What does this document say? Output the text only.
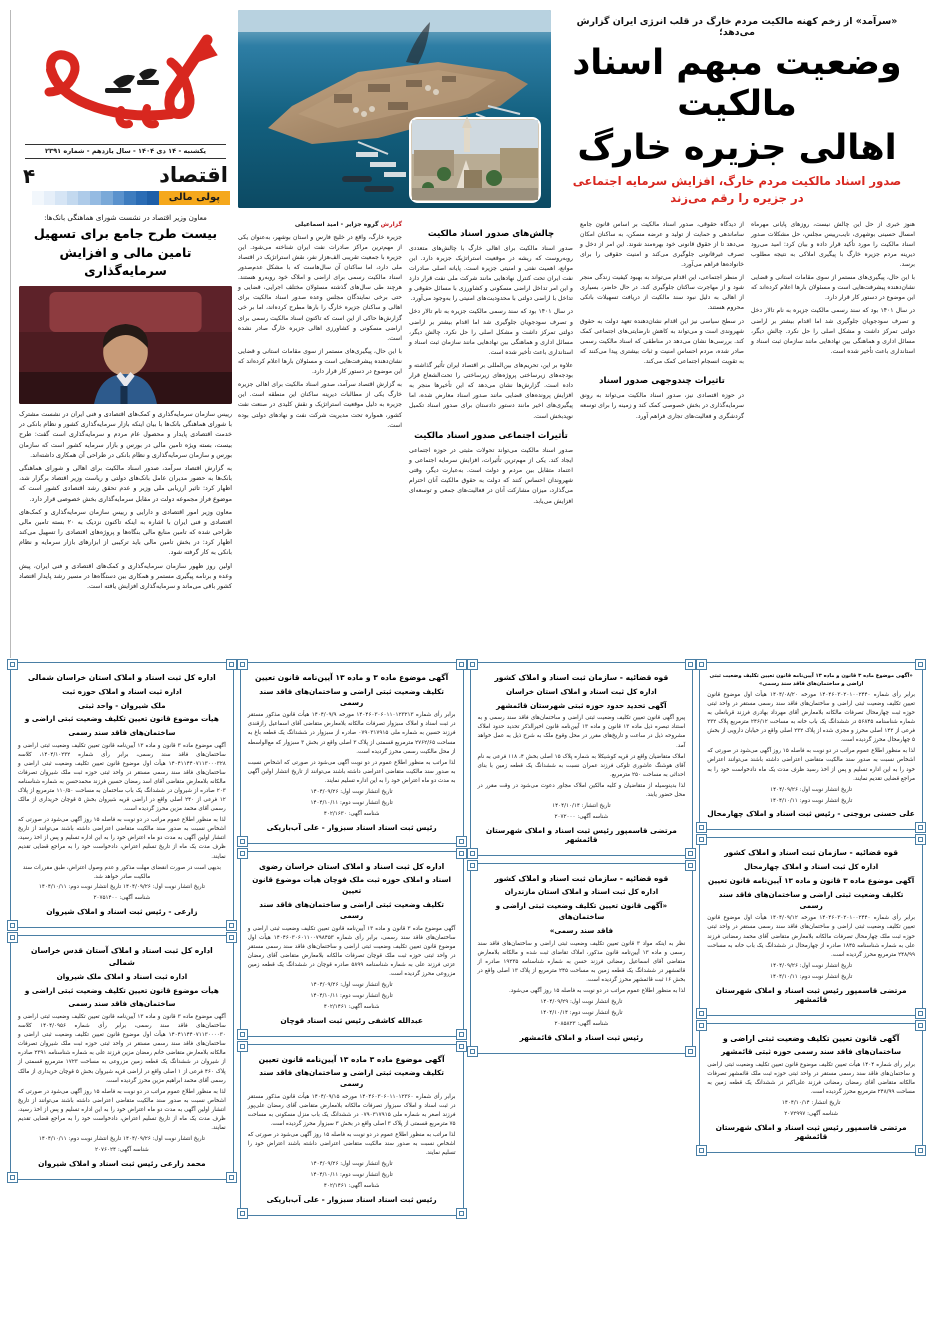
یکشنبه - ۱۴ دی ۱۴۰۴ - سال یازدهم - شماره ۲۳۹۱
اقتصاد
۴
پولی مالی
معاون وزیر اقتصاد در نشست شورای هماهنگی بانک‌ها:
بیست طرح جامع برای تسهیل تامین مالی و افزایش سرمایه‌گذاری

رییس سازمان سرمایه‌گذاری و کمک‌های اقتصادی و فنی ایران در نشست مشترک با شورای هماهنگی بانک‌ها با بیان اینکه بازار سرمایه‌گذاری کشور و نظام بانکی در خدمت اقتصادی پایدار و محصول عام مردم و سرمایه‌گذاری است گفت: طرح بیست، بسته ویژه تامین مالی در بورس و بازار سرمایه کشور است که سازمان بورس و سازمان سرمایه‌گذاری و نظام بانکی در طراحی آن همکاری داشته‌اند.

به گزارش اقتصاد سرآمد، صدور اسناد مالکیت برای اهالی و شورای هماهنگی بانک‌ها به حضور مدیران عامل بانک‌های دولتی و ریاست وزیر اقتصاد برگزار شد، اظهار کرد: تاثیر ارزیابی ملی وزیر و عدم تحقق رشد اقتصادی کشور است که موضوع فراز مجموعه دولت در مقابل سرمایه‌گذاری بخش خصوصی قرار دارد.

معاون وزیر امور اقتصادی و دارایی و رییس سازمان سرمایه‌گذاری و کمک‌های اقتصادی و فنی ایران با اشاره به اینکه تاکنون نزدیک به ۲۰ بسته تامین مالی طراحی شده که تامین منابع مالی بنگاه‌ها و پروژه‌های اقتصادی را تسهیل می‌کند اظهار کرد: در بخش تامین مالی باید ترکیبی از ابزارهای بازار سرمایه و نظام بانکی به کار گرفته شود.

اولین روز ظهور سازمان سرمایه‌گذاری و کمک‌های اقتصادی و فنی ایران، پیش وعده و برنامه پیگیری مستمر و همکاری بین دستگاه‌ها در مسیر رشد پایدار اقتصاد کشور باقی می‌ماند و سرمایه‌گذاری افزایش یافته است.

«سرآمد» از زخم کهنه مالکیت مردم خارگ در قلب انرژی ایران گزارش می‌دهد؛
وضعیت مبهم اسناد مالکیت
اهالی جزیره خارگ
صدور اسناد مالکیت مردم خارگ، افزایش سرمایه اجتماعی
در جزیره را رقم می‌زند

گزارش گروه جزایر - امید اسماعیلی

جزیره خارگ، واقع در خلیج فارس و استان بوشهر، به‌عنوان یکی از مهم‌ترین مراکز صادرات نفت ایران شناخته می‌شود. این جزیره با جمعیت تقریبی الف‌هزار نفر، نقش استراتژیک در اقتصاد ملی دارد، اما ساکنان آن سال‌هاست که با مشکل عدم‌صدور اسناد مالکیت رسمی برای اراضی و املاک خود روبه‌رو هستند. هرچند طی سال‌های گذشته مسئولان مختلف اجرایی، قضایی و حتی برخی نمایندگان مجلس وعده صدور اسناد مالکیت برای اهالی و ساکنان جزیره خارگ را بارها مطرح کرده‌اند، اما بر خی گزارش‌ها حاکی از این است که تاکنون اسناد مالکیت رسمی برای اراضی مسکونی و کشاورزی اهالی جزیره خارگ صادر نشده است.

با این حال، پیگیری‌های مستمر از سوی مقامات استانی و قضایی نشان‌دهنده پیشرفت‌هایی است و مسئولان بارها اعلام کرده‌اند که این موضوع در دستور کار قرار دارد.

به گزارش اقتصاد سرآمد، صدور اسناد مالکیت برای اهالی جزیره خارگ یکی از مطالبات دیرینه ساکنان این منطقه است. این جزیره به دلیل موقعیت استراتژیک و نقش کلیدی در صنعت نفت کشور، همواره تحت مدیریت شرکت نفت و نهادهای دولتی بوده است.

چالش‌های صدور اسناد مالکیت

صدور اسناد مالکیت برای اهالی خارگ با چالش‌های متعددی روبه‌روست که ریشه در موقعیت استراتژیک جزیره دارد. این موانع، اهمیت نفتی و امنیتی جزیره است. پایانه اصلی صادرات نفت ایران تحت کنترل نهادهایی مانند شرکت ملی نفت قرار دارد و این امر تداخل اراضی مسکونی و کشاورزی با مسائل حقوقی و تداخل با اراضی دولتی با محدودیت‌های امنیتی را به‌وجود می‌آورد.

در سال ۱۴۰۱ بود که سند رسمی مالکیت جزیره به نام تالار دخل و تصرف سودجویان جلوگیری شد اما اقدام بیشتر بر اراضی دولتی تمرکز داشت و مشکل اصلی را حل نکرد. چالش دیگر، مسائل اداری و هماهنگی بین نهادهایی مانند سازمان ثبت اسناد و استانداری باعث تأخیر شده است.

علاوه بر این، تحریم‌های بین‌المللی بر اقتصاد ایران تأثیر گذاشته و بودجه‌های زیرساختی پروژه‌های زیرساختی را تحت‌الشعاع قرار داده است. گزارش‌ها نشان می‌دهد که این تأخیرها منجر به افزایش پرونده‌های قضایی مانند صدور اسناد معارض شده، اما پیگیری‌های اخیر مانند دستور دادستان برای صدور اسناد تکمیل نویدبخش است.

تأثیرات اجتماعی صدور اسناد مالکیت

صدور اسناد مالکیت می‌تواند تحولات مثبتی در حوزه اجتماعی ایجاد کند. یکی از مهم‌ترین تأثیرات، افزایش سرمایه اجتماعی و اعتماد متقابل بین مردم و دولت است. به‌عبارت دیگر، وقتی شهروندان احساس کنند که دولت به حقوق مالکیت آنان احترام می‌گذارد، میزان مشارکت آنان در فعالیت‌های جمعی و توسعه‌ای افزایش می‌یابد.

از دیدگاه حقوقی، صدور اسناد مالکیت بر اساس قانون جامع ساماندهی و حمایت از تولید و عرضه مسکن، به ساکنان امکان می‌دهد تا از حقوق قانونی خود بهره‌مند شوند. این امر از دخل و تصرف غیرقانونی جلوگیری می‌کند و امنیت حقوقی را برای خانواده‌ها فراهم می‌آورد.

از منظر اجتماعی، این اقدام می‌تواند به بهبود کیفیت زندگی منجر شود و از مهاجرت ساکنان جلوگیری کند. در حال حاضر، بسیاری از اهالی به دلیل نبود سند مالکیت از دریافت تسهیلات بانکی محروم هستند.

در سطح سیاسی نیز این اقدام نشان‌دهنده تعهد دولت به حقوق شهروندی است و می‌تواند به کاهش نارضایتی‌های اجتماعی کمک کند. بررسی‌ها نشان می‌دهد در مناطقی که اسناد مالکیت رسمی صادر شده، مردم احساس امنیت و ثبات بیشتری پیدا می‌کنند که به تقویت انسجام اجتماعی کمک می‌کند.

تاثیرات چندوجهی صدور اسناد

در حوزه اقتصادی نیز، صدور اسناد مالکیت می‌تواند به رونق سرمایه‌گذاری در بخش خصوصی کمک کند و زمینه را برای توسعه گردشگری و فعالیت‌های تجاری فراهم آورد.

هنوز خبری از حل این چالش نیست، روزهای پایانی مهرماه امسال حسینی بوشهری، نایب‌رییس مجلس، حل مشکلات صدور اسناد مالکیت را مورد تأکید قرار داده و بیان کرد: امید می‌رود دیرینه مردم جزیره خارگ با پیگیری املاکی به نتیجه مطلوب برسد.

با این حال، پیگیری‌های مستمر از سوی مقامات استانی و قضایی نشان‌دهنده پیشرفت‌هایی است و مسئولان بارها اعلام کرده‌اند که این موضوع در دستور کار قرار دارد.

در سال ۱۴۰۱ بود که سند رسمی مالکیت جزیره به نام تالار دخل و تصرف سودجویان جلوگیری شد اما اقدام بیشتر بر اراضی دولتی تمرکز داشت و مشکل اصلی را حل نکرد. چالش دیگر، مسائل اداری و هماهنگی بین نهادهایی مانند سازمان ثبت اسناد و استانداری باعث تأخیر شده است.

اداره کل ثبت اسناد و املاک استان خراسان شمالی
اداره ثبت اسناد و املاک حوزه ثبت
ملک شیروان - واحد ثبتی
هیأت موضوع قانون تعیین تکلیف وضعیت ثبتی اراضی و
ساختمان‌های فاقد سند رسمی

آگهی موضوع ماده ۳ قانون و ماده ۱۳ آیین‌نامه قانون تعیین تکلیف وضعیت ثبتی اراضی و ساختمان‌های فاقد سند رسمی، برابر رأی شماره ۱۴۰۴/۱۰۲۳۲، کلاسه ۱۴۰۴۱۱۴۴۰۷۱۱۳۰۰۰۳۲۸ هیأت اول موضوع قانون تعیین تکلیف وضعیت ثبتی اراضی و ساختمان‌های فاقد سند رسمی مستقر در واحد ثبتی حوزه ثبت ملک شیروان تصرفات مالکانه بلامعارض متقاضی آقای اسد رمضان حسین فرزند محمدحسن به شماره شناسنامه ۲۰۳ صادره از شیروان در ششدانگ یک باب ساختمان به مساحت ۱۱۰/۵۰ مترمربع از پلاک ۱۲ فرعی از ۲۴۰ اصلی واقع در اراضی قریه شیروان بخش ۵ قوچان خریداری از مالک رسمی آقای محمد مزین محرز گردیده است.

لذا به منظور اطلاع عموم مراتب در دو نوبت به فاصله ۱۵ روز آگهی می‌شود در صورتی که اشخاص نسبت به صدور سند مالکیت متقاضی اعتراضی داشته باشند می‌توانند از تاریخ انتشار اولین آگهی به مدت دو ماه اعتراض خود را به این اداره تسلیم و پس از اخذ رسید، ظرف مدت یک ماه از تاریخ تسلیم اعتراض، دادخواست خود را به مراجع قضایی تقدیم نمایند.

بدیهی است در صورت انقضای مهلت مذکور و عدم وصول اعتراض، طبق مقررات سند مالکیت صادر خواهد شد.
تاریخ انتشار نوبت اول: ۱۴۰۴/۰۹/۲۶ تاریخ انتشار نوبت دوم: ۱۴۰۴/۱۰/۱۱
شناسه آگهی: ۲۰۷۵۱۴۰۰
زارعی - رئیس ثبت اسناد و املاک شیروان
اداره کل ثبت اسناد و املاک آستان قدس خراسان شمالی
اداره ثبت اسناد و املاک ملک شیروان
هیأت موضوع قانون تعیین تکلیف وضعیت ثبتی اراضی و
ساختمان‌های فاقد سند رسمی

آگهی موضوع ماده ۳ قانون و ماده ۱۳ آیین‌نامه قانون تعیین تکلیف وضعیت ثبتی اراضی و ساختمان‌های فاقد سند رسمی، برابر رأی شماره ۱۴۰۴/۰۹۵۶ کلاسه ۱۴۰۴۱۱۴۴۰۷۱۱۳۰۰۰۰۳۰ هیأت اول موضوع قانون تعیین تکلیف وضعیت ثبتی اراضی و ساختمان‌های فاقد سند رسمی مستقر در واحد ثبتی حوزه ثبت ملک شیروان تصرفات مالکانه بلامعارض متقاضی خانم رمضان مزین فرزند علی به شماره شناسنامه ۲۳۹۱ صادره از شیروان در ششدانگ یک قطعه زمین مزروعی به مساحت ۱۷۲۳ مترمربع قسمتی از پلاک ۴۶۰ فرعی از ۱ اصلی واقع در اراضی قریه شیروان بخش ۵ قوچان خریداری از مالک رسمی آقای محمد ابراهیم مزین محرز گردیده است.

لذا به منظور اطلاع عموم مراتب در دو نوبت به فاصله ۱۵ روز آگهی می‌شود در صورتی که اشخاص نسبت به صدور سند مالکیت متقاضی اعتراضی داشته باشند می‌توانند از تاریخ انتشار اولین آگهی به مدت دو ماه اعتراض خود را به این اداره تسلیم و پس از اخذ رسید، ظرف مدت یک ماه از تاریخ تسلیم اعتراض، دادخواست خود را به مراجع قضایی تقدیم نمایند.

تاریخ انتشار نوبت اول: ۱۴۰۴/۰۹/۲۶ تاریخ انتشار نوبت دوم: ۱۴۰۴/۱۰/۱۱
شناسه آگهی: ۲۰۷۶۰۲۴
محمد زارعی رئیس ثبت اسناد و املاک شیروان
آگهی موضوع ماده ۳ و ماده ۱۳ آیین‌نامه قانون تعیین
تکلیف وضعیت ثبتی اراضی و ساختمان‌های فاقد سند رسمی

برابر رأی شماره ۱۴۰۴۶۰۳۰۶۰۱۱۰۱۲۳۲۱۳ مورخه ۱۴۰۴/۰۹/۹ هیأت قانون مذکور مستقر در ثبت اسناد و املاک سبزوار تصرفات مالکانه بلامعارض متقاضی آقای اسماعیل رازقندی فرزند حسین به شماره ملی ۰۷۹۰۳۱۷۹۱۵ صادره از سبزوار در ششدانگ یک قطعه باغ به مساحت ۲۷۶۲/۶۵ مترمربع قسمتی از پلاک ۳ اصلی واقع در بخش ۳ سبزوار که مع‌الواسطه از محل مالکیت رسمی محرز گردیده است.

لذا مراتب به منظور اطلاع عموم در دو نوبت آگهی می‌شود در صورتی که اشخاص نسبت به صدور سند مالکیت متقاضی اعتراضی داشته باشند می‌توانند از تاریخ انتشار اولین آگهی به مدت دو ماه اعتراض خود را به این اداره تسلیم نمایند.

تاریخ انتشار نوبت اول: ۱۴۰۴/۰۹/۲۶
تاریخ انتشار نوبت دوم: ۱۴۰۴/۱۰/۱۱
شناسه آگهی: ۴۰۲/۱۶۳۰
رئیس ثبت اسناد اسناد سبزوار - علی آب‌باریکی
اداره کل ثبت اسناد و املاک استان خراسان رضوی
اسناد و املاک حوزه ثبت ملک فوچان هیأت موضوع قانون تعیین
تکلیف وضعیت ثبتی اراضی و ساختمان‌های فاقد سند رسمی

آگهی موضوع ماده ۳ قانون و ماده ۱۳ آیین‌نامه قانون تعیین تکلیف وضعیت ثبتی اراضی و ساختمان‌های فاقد سند رسمی، برابر رأی شماره ۱۴۰۴۶۰۳۰۶۰۱۱۰۰۷۹۸۴۵۳ هیأت اول موضوع قانون تعیین تکلیف وضعیت ثبتی اراضی و ساختمان‌های فاقد سند رسمی مستقر در واحد ثبتی حوزه ثبت ملک قوچان تصرفات مالکانه بلامعارض متقاضی آقای رمضان عزتی فرزند علی به شماره شناسنامه ۵۸۹۹ صادره قوچان در ششدانگ یک قطعه زمین مزروعی محرز گردیده است.

تاریخ انتشار نوبت اول: ۱۴۰۴/۰۹/۲۶
تاریخ انتشار نوبت دوم: ۱۴۰۴/۱۰/۱۱
شناسه آگهی: ۴۰۲/۱۴۶۱
عبدالله کاشفی رئیس ثبت اسناد قوچان
آگهی موضوع ماده ۳ ماده ۱۳ آیین‌نامه قانون تعیین
تکلیف وضعیت ثبتی اراضی و ساختمان‌های فاقد سند رسمی

برابر رأی شماره ۱۴۰۴۶۰۳۰۶۰۱۱۰۱۲۳۶۰ مورخه ۱۴۰۴/۰۹/۱۵ هیأت قانون مذکور مستقر در ثبت اسناد و املاک سبزوار تصرفات مالکانه بلامعارض متقاضی آقای رمضان علی‌پور فرزند اصغر به شماره ملی ۰۷۹۰۳۱۷۹۱۵ در ششدانگ یک باب منزل مسکونی به مساحت ۷۵ مترمربع قسمتی از پلاک ۳ اصلی واقع در بخش ۳ سبزوار محرز گردیده است.

لذا مراتب به منظور اطلاع عموم در دو نوبت به فاصله ۱۵ روز آگهی می‌شود در صورتی که اشخاص نسبت به صدور سند مالکیت متقاضی اعتراضی داشته باشند اعتراض خود را تسلیم نمایند.

تاریخ انتشار نوبت اول: ۱۴۰۴/۰۹/۲۶
تاریخ انتشار نوبت دوم: ۱۴۰۴/۱۰/۱۱
شناسه آگهی: ۴۰۲/۱۴۶۱
رئیس ثبت اسناد اسناد سبزوار - علی آب‌باریکی
قوه قضائیه - سازمان ثبت اسناد و املاک کشور
اداره کل ثبت اسناد و املاک استان خراسان
آگهی تحدید حدود حوزه ثبتی شهرستان قائمشهر

پیرو آگهی قانون تعیین تکلیف وضعیت ثبتی اراضی و ساختمان‌های فاقد سند رسمی و به استناد تبصره ذیل ماده ۱۳ قانون و ماده ۱۳ آیین‌نامه قانون اخیرالذکر تحدید حدود املاک مشروحه ذیل در ساعت و تاریخ‌های مقرر در محل وقوع ملک به شرح ذیل به عمل خواهد آمد.

املاک متقاضیان واقع در قریه کوشیکلا به شماره پلاک ۱۵ اصلی بخش ۴، ۱۱۸ فرعی به نام آقای هوشنگ عاشوری تلوکی فرزند عمران نسبت به ششدانگ یک قطعه زمین با بنای احداثی به مساحت ۲۵۰ مترمربع.

لذا بدینوسیله از متقاضیان و کلیه مالکین املاک مجاور دعوت می‌شود در وقت مقرر در محل حضور یابند.

تاریخ انتشار: ۱۴۰۴/۱۰/۱۴
شناسه آگهی: ۲۰۷۲۰۰۰
مرتضی قاسمپور رئیس ثبت اسناد و املاک شهرستان قائمشهر
قوه قضائیه - سازمان ثبت اسناد و املاک کشور
اداره کل ثبت اسناد و املاک استان مازندران
«آگهی قانون تعیین تکلیف وضعیت ثبتی اراضی و ساختمان‌های
فاقد سند رسمی»

نظر به اینکه مواد ۳ قانون تعیین تکلیف وضعیت ثبتی اراضی و ساختمان‌های فاقد سند رسمی و ماده ۱۳ آیین‌نامه قانون مذکور، املاک تقاضای ثبت شده و مالکانه بلامعارض متقاضی آقای اسماعیل رمضانی فرزند حسن به شماره شناسنامه ۱۹۲۳۵ صادره از قائمشهر در ششدانگ یک قطعه زمین به مساحت ۲۴۵ مترمربع از پلاک ۱۳ اصلی واقع در بخش ۱۶ ثبت قائمشهر محرز گردیده است.

لذا به منظور اطلاع عموم مراتب در دو نوبت به فاصله ۱۵ روز آگهی می‌شود.

تاریخ انتشار نوبت اول: ۱۴۰۴/۰۹/۲۹
تاریخ انتشار نوبت دوم: ۱۴۰۴/۱۰/۱۴
شناسه آگهی: ۲۰۸۵۸۲۳
رئیس ثبت اسناد و املاک قائمشهر
«آگهی موضوع ماده ۳ قانون و ماده ۱۳ آیین‌نامه قانون تعیین تکلیف وضعیت ثبتی اراضی و ساختمان‌های فاقد سند رسمی»

برابر رأی شماره ۱۴۰۴۶۰۳۰۲۰۱۰۰۲۴۴۰ مورخه ۱۴۰۴/۰۸/۲۰ هیأت اول موضوع قانون تعیین تکلیف وضعیت ثبتی اراضی و ساختمان‌های فاقد سند رسمی مستقر در واحد ثبتی حوزه ثبت چهارمحال تصرفات مالکانه بلامعارض آقای مهرداد بهادری فرزند قربانعلی به شماره شناسنامه ۵۶۸۴۵ در ششدانگ یک باب خانه به مساحت ۲۴۶/۱۲ مترمربع پلاک ۲۳۲ فرعی از ۱۴۲ اصلی محرز و مجزی شده از پلاک ۲۳۲ اصلی واقع در خیابان دارویی از بخش ۵ چهارمحال محرز گردیده است.

لذا به منظور اطلاع عموم مراتب در دو نوبت به فاصله ۱۵ روز آگهی می‌شود در صورتی که اشخاص نسبت به صدور سند مالکیت متقاضی اعتراضی داشته باشند می‌توانند اعتراض خود را به این اداره تسلیم و پس از اخذ رسید ظرف مدت یک ماه دادخواست خود را به مراجع قضایی تقدیم نمایند.

تاریخ انتشار نوبت اول: ۱۴۰۴/۰۹/۲۶
تاریخ انتشار نوبت دوم: ۱۴۰۴/۱۰/۱۱
علی حسنی بروجنی - رئیس ثبت اسناد و املاک چهارمحال
قوه قضائیه - سازمان ثبت اسناد و املاک کشور
اداره کل ثبت اسناد و املاک چهارمحال
آگهی موضوع ماده ۳ قانون و ماده ۱۳ آیین‌نامه قانون تعیین
تکلیف وضعیت ثبتی اراضی و ساختمان‌های فاقد سند رسمی

برابر رأی شماره ۱۴۰۴۶۰۳۰۲۰۱۰۰۲۴۴۰ مورخه ۱۴۰۴/۰۹/۱۲ هیأت اول موضوع قانون تعیین تکلیف وضعیت ثبتی اراضی و ساختمان‌های فاقد سند رسمی مستقر در واحد ثبتی حوزه ثبت ملک چهارمحال تصرفات مالکانه بلامعارض متقاضی آقای محمد رمضانی فرزند علی به شماره شناسنامه ۱۸۴۵ صادره از چهارمحال در ششدانگ یک باب خانه به مساحت ۲۴۸/۹۹ مترمربع محرز گردیده است.

تاریخ انتشار نوبت اول: ۱۴۰۴/۰۹/۲۶
تاریخ انتشار نوبت دوم: ۱۴۰۴/۱۰/۱۱
مرتضی قاسمپور رئیس ثبت اسناد و املاک شهرستان قائمشهر
آگهی قانون تعیین تکلیف وضعیت ثبتی اراضی و
ساختمان‌های فاقد سند رسمی حوزه ثبتی قائمشهر

برابر رأی شماره ۱۴۰۴ هیأت تعیین تکلیف موضوع قانون تعیین تکلیف وضعیت ثبتی اراضی و ساختمان‌های فاقد سند رسمی مستقر در واحد ثبتی حوزه ثبت ملک قائمشهر تصرفات مالکانه متقاضی آقای رمضان رمضانی فرزند علی‌اکبر در ششدانگ یک قطعه زمین به مساحت ۲۴۸/۹۹ مترمربع محرز گردیده است.

تاریخ انتشار: ۱۴۰۴/۱۰/۱۴
شناسه آگهی: ۲۰۷۲۹۹۷
مرتضی قاسمپور رئیس ثبت اسناد و املاک شهرستان قائمشهر
